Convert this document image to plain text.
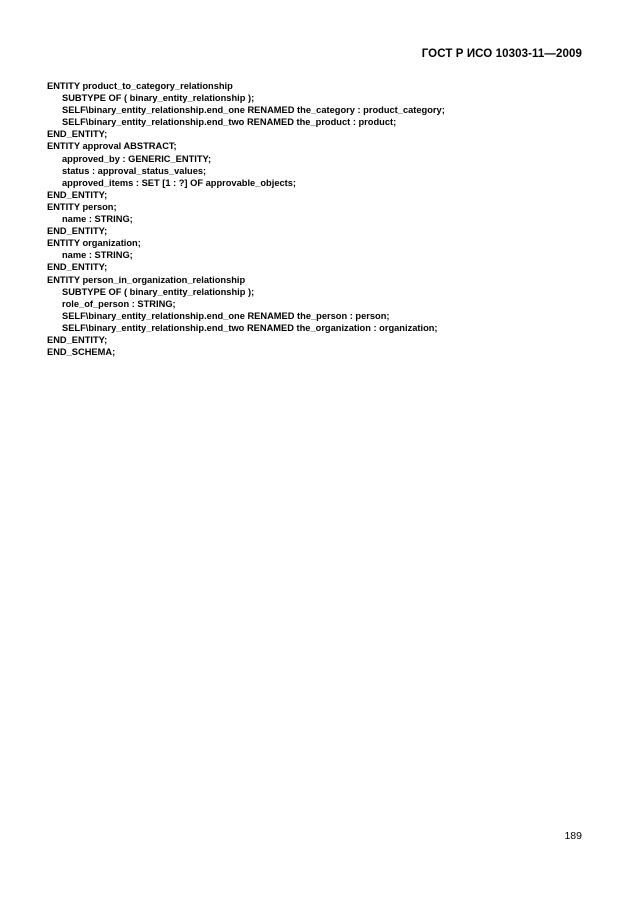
ГОСТ Р ИСО 10303-11—2009
ENTITY product_to_category_relationship
SUBTYPE OF ( binary_entity_relationship );
SELF\binary_entity_relationship.end_one RENAMED the_category : product_category;
SELF\binary_entity_relationship.end_two RENAMED the_product : product;
END_ENTITY;
ENTITY approval ABSTRACT;
approved_by : GENERIC_ENTITY;
status : approval_status_values;
approved_items : SET [1 : ?] OF approvable_objects;
END_ENTITY;
ENTITY person;
name : STRING;
END_ENTITY;
ENTITY organization;
name : STRING;
END_ENTITY;
ENTITY person_in_organization_relationship
SUBTYPE OF ( binary_entity_relationship );
role_of_person : STRING;
SELF\binary_entity_relationship.end_one RENAMED the_person : person;
SELF\binary_entity_relationship.end_two RENAMED the_organization : organization;
END_ENTITY;
END_SCHEMA;
189
